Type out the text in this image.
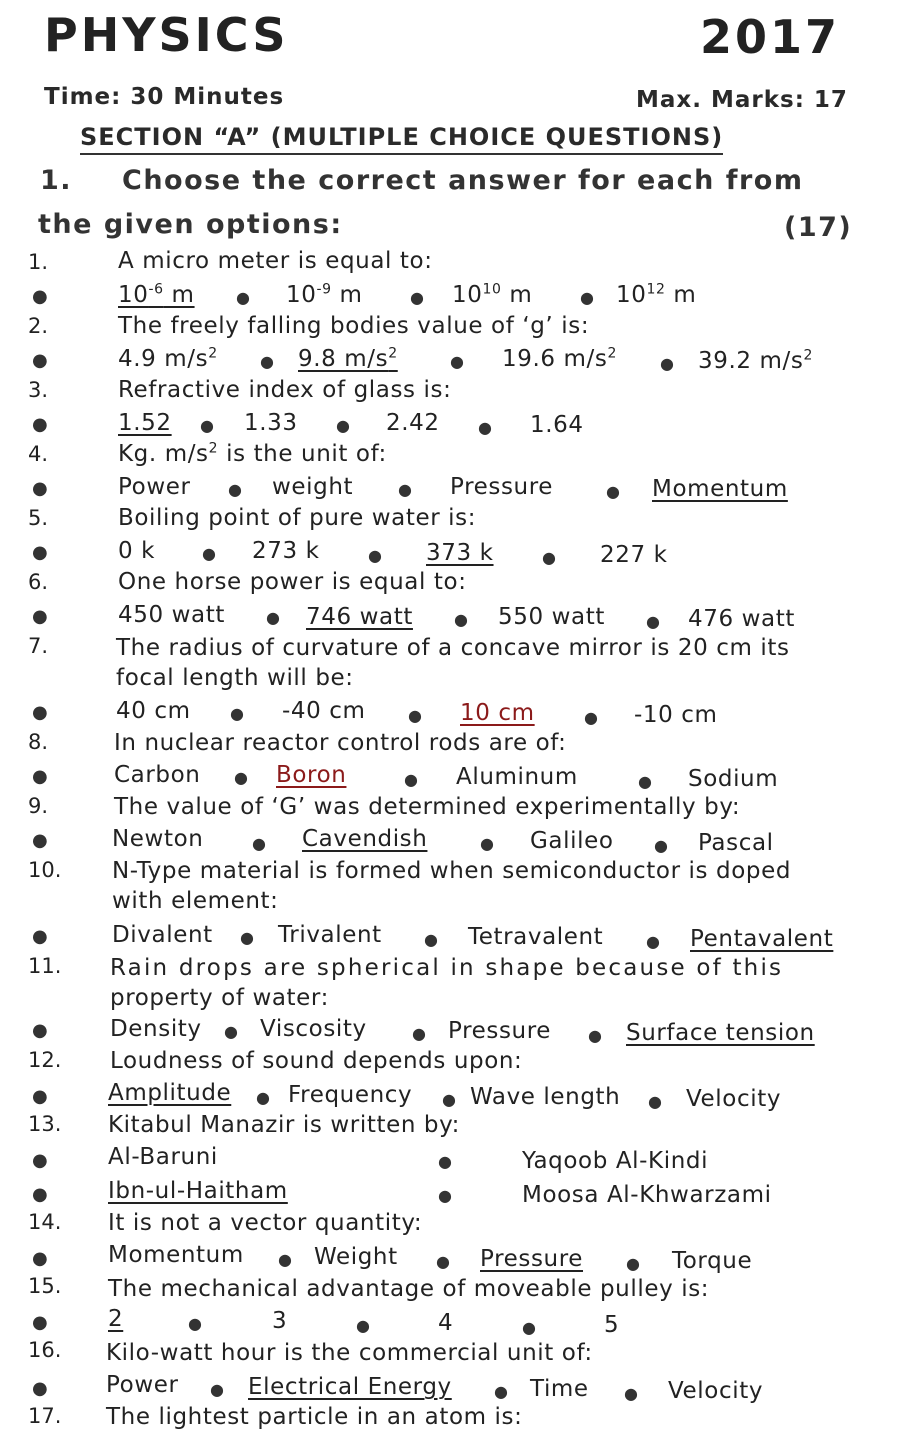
PHYSICS	2017
Time: 30 Minutes	Max. Marks: 17
SECTION “A” (MULTIPLE CHOICE QUESTIONS)
1. Choose the correct answer for each from
the given options:	(17)
1.	A micro meter is equal to:
●	$10^{-6}$ m	● $10^{-9}$ m	● $10^{10}$ m	● $10^{12}$ m
2.	The freely falling bodies value of ‘g’ is:
●	4.9 $m/s^2$	● 9.8 $m/s^2$	● 19.6 $m/s^2$
● 39.2 $m/s^2$
3.	Refractive index of glass is:
●	1.52 ● 1.33 ● 2.42 ● 1.64
4.	Kg. $m/s^2$ is the unit of:
●	Power ● weight	● Pressure	● Momentum
5.	Boiling point of pure water is:
●	0 k	● 273 k	● 373 k	● 227 k
6.	One horse power is equal to:
●	450 watt	● 746 watt	● 550 watt	● 476 watt
7.	The radius of curvature of a concave mirror is 20 cm its
focal length will be:
●	40 cm ● -40 cm	● 10 cm	● -10 cm
8.	In nuclear reactor control rods are of:
●	Carbon ● Boron	● Aluminum	● Sodium
9.	The value of ‘G’ was determined experimentally by:
●	Newton	● Cavendish	● Galileo	● Pascal
10. N-Type material is formed when semiconductor is doped
with element:
●	Divalent ● Trivalent	● Tetravalent	● Pentavalent
11. Rain drops are spherical in shape because of this
property of water:
●	Density ● Viscosity	● Pressure ● Surface tension
12. Loudness of sound depends upon:
●	Amplitude ● Frequency ● Wave length ● Velocity
13. Kitabul Manazir is written by:
●	Al-Baruni	●	Yaqoob Al-Kindi
●	Ibn-ul-Haitham	●	Moosa Al-Khwarzami
14. It is not a vector quantity:
●	Momentum ● Weight ● Pressure	● Torque
15. The mechanical advantage of moveable pulley is:
●	2	●	3	●	4	●	5
16. Kilo-watt hour is the commercial unit of:
●	Power ● Electrical Energy	● Time ● Velocity
17. The lightest particle in an atom is:
